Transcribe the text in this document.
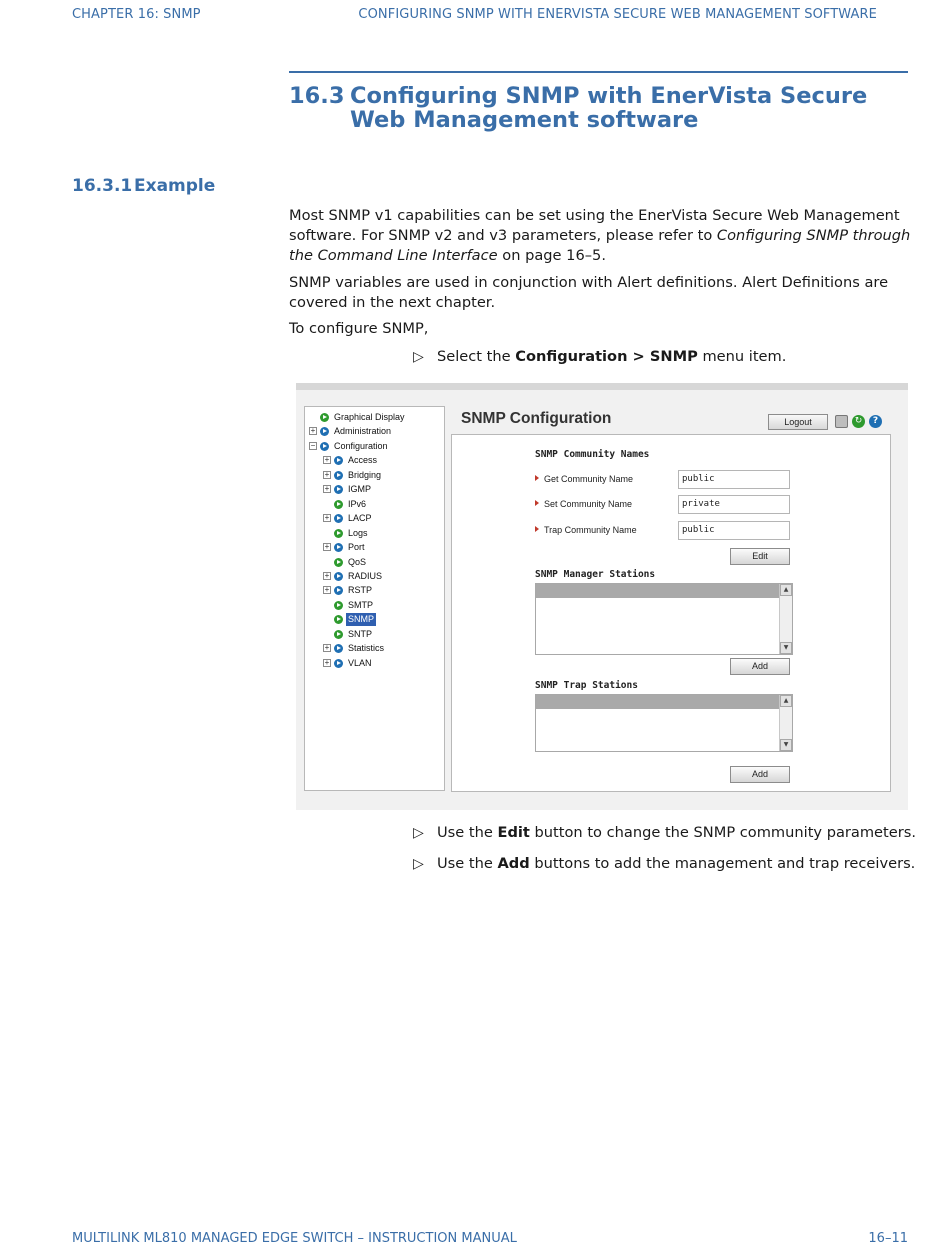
CHAPTER 16: SNMP	CONFIGURING SNMP WITH ENERVISTA SECURE WEB MANAGEMENT SOFTWARE
16.3 Configuring SNMP with EnerVista Secure Web Management software
16.3.1 Example

Most SNMP v1 capabilities can be set using the EnerVista Secure Web Management software. For SNMP v2 and v3 parameters, please refer to Configuring SNMP through the Command Line Interface on page 16–5.

SNMP variables are used in conjunction with Alert definitions. Alert Definitions are covered in the next chapter.

To configure SNMP,

▷ Select the Configuration > SNMP menu item.
Graphical Display
+ Administration
− Configuration
+ Access
+ Bridging
+ IGMP
IPv6
+ LACP
Logs
+ Port
QoS
+ RADIUS
+ RSTP
SMTP
SNMP
SNTP
+ Statistics
+ VLAN
SNMP Configuration	Logout	↻	?
SNMP Community Names
Get Community Name	public
Set Community Name	private
Trap Community Name	public
Edit
SNMP Manager Stations
▲
▼
Add
SNMP Trap Stations
▲
▼
Add
▷ Use the Edit button to change the SNMP community parameters.
▷ Use the Add buttons to add the management and trap receivers.
MULTILINK ML810 MANAGED EDGE SWITCH – INSTRUCTION MANUAL	16–11
